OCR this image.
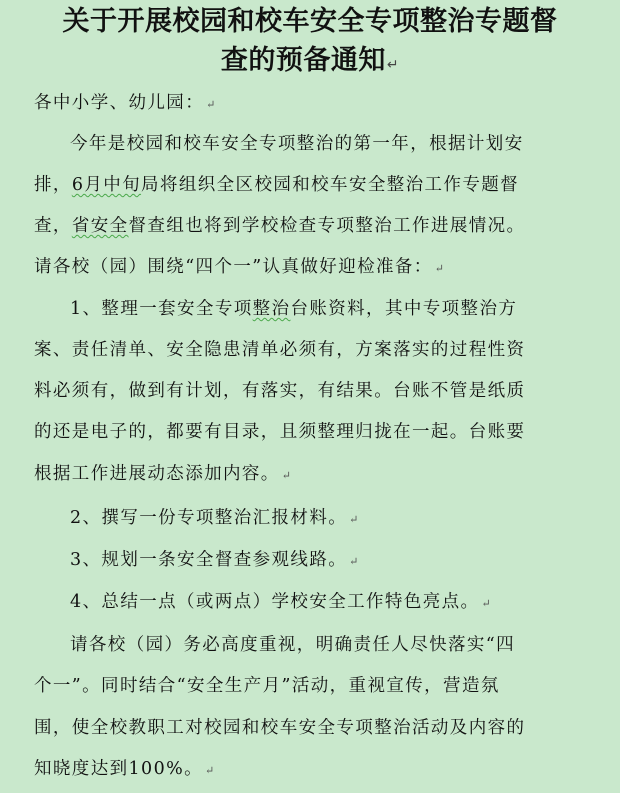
关于开展校园和校车安全专项整治专题督
查的预备通知↵
各中小学、幼儿园： ↵
今年是校园和校车安全专项整治的第一年，根据计划安
排，6月中旬局将组织全区校园和校车安全整治工作专题督
查，省安全督查组也将到学校检查专项整治工作进展情况。
请各校（园）围绕“四个一”认真做好迎检准备： ↵
1、整理一套安全专项整治台账资料，其中专项整治方
案、责任清单、安全隐患清单必须有，方案落实的过程性资
料必须有，做到有计划，有落实，有结果。台账不管是纸质
的还是电子的，都要有目录，且须整理归拢在一起。台账要
根据工作进展动态添加内容。 ↵
2、撰写一份专项整治汇报材料。 ↵
3、规划一条安全督查参观线路。 ↵
4、总结一点（或两点）学校安全工作特色亮点。 ↵
请各校（园）务必高度重视，明确责任人尽快落实“四
个一”。同时结合“安全生产月”活动，重视宣传，营造氛
围，使全校教职工对校园和校车安全专项整治活动及内容的
知晓度达到100%。 ↵
